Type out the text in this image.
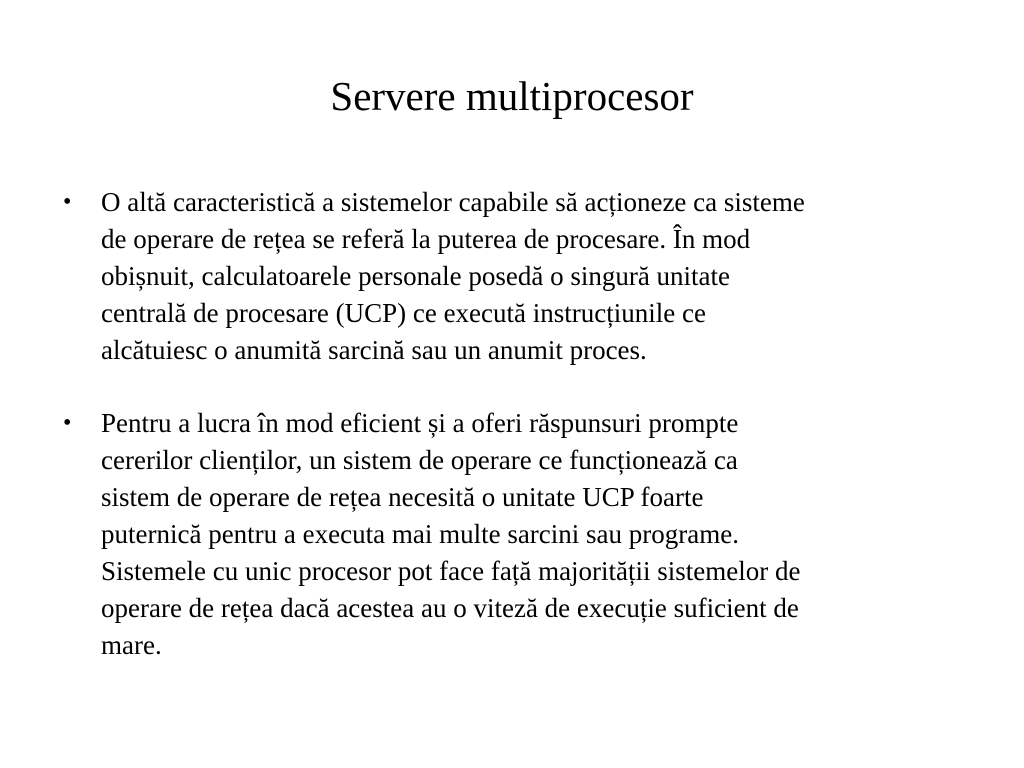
Servere multiprocesor
• O altă caracteristică a sistemelor capabile să acționeze ca sisteme
de operare de rețea se referă la puterea de procesare. În mod
obișnuit, calculatoarele personale posedă o singură unitate
centrală de procesare (UCP) ce execută instrucțiunile ce
alcătuiesc o anumită sarcină sau un anumit proces.
• Pentru a lucra în mod eficient și a oferi răspunsuri prompte
cererilor clienților, un sistem de operare ce funcționează ca
sistem de operare de rețea necesită o unitate UCP foarte
puternică pentru a executa mai multe sarcini sau programe.
Sistemele cu unic procesor pot face față majorității sistemelor de
operare de rețea dacă acestea au o viteză de execuție suficient de
mare.
